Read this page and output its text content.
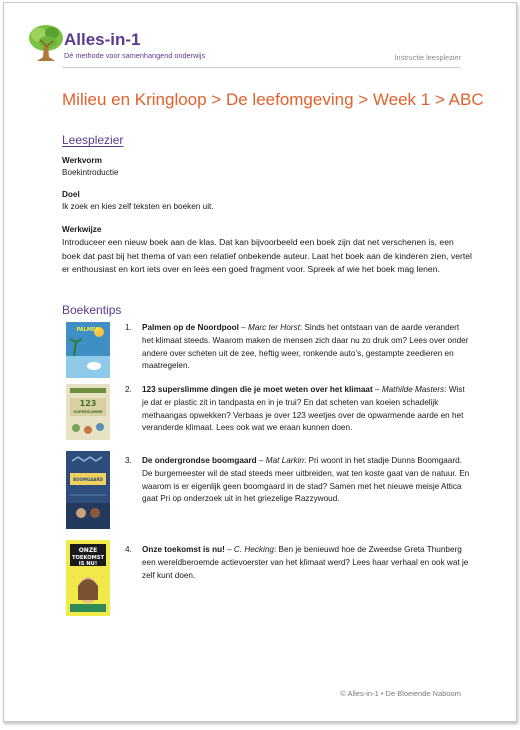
Alles-in-1
Dé methode voor samenhangend onderwijs	Instructie leesplezier
Milieu en Kringloop > De leefomgeving > Week 1 > ABC
Leesplezier
Werkvorm
Boekintroductie
Doel
Ik zoek en kies zelf teksten en boeken uit.
Werkwijze
Introduceer een nieuw boek aan de klas. Dat kan bijvoorbeeld een boek zijn dat net verschenen is, een boek dat past bij het thema of van een relatief onbekende auteur. Laat het boek aan de kinderen zien, vertel er enthousiast en kort iets over en lees een goed fragment voor. Spreek af wie het boek mag lenen.
Boekentips
PALMEN	1. Palmen op de Noordpool – Marc ter Horst: Sinds het ontstaan van de aarde verandert het klimaat steeds. Waarom maken de mensen zich daar nu zo druk om? Lees over onder andere over scheten uit de zee, heftig weer, ronkende auto’s, gestampte zeedieren en maatregelen.
123
SUPERSLIMME
2. 123 superslimme dingen die je moet weten over het klimaat – Mathilde Masters: Wist je dat er plastic zit in tandpasta en in je trui? En dat scheten van koeien schadelijk methaangas opwekken? Verbaas je over 123 weetjes over de opwarmende aarde en het veranderde klimaat. Lees ook wat we eraan kunnen doen.
BOOMGAARD
3. De ondergrondse boomgaard – Mat Larkin: Pri woont in het stadje Dunns Boomgaard. De burgemeester wil de stad steeds meer uitbreiden, wat ten koste gaat van de natuur. En waarom is er eigenlijk geen boomgaard in de stad? Samen met het nieuwe meisje Attica gaat Pri op onderzoek uit in het griezelige Razzywoud.
ONZE
TOEKOMST
IS NU!
4. Onze toekomst is nu! – C. Hecking: Ben je benieuwd hoe de Zweedse Greta Thunberg een wereldberoemde actievoerster van het klimaat werd? Lees haar verhaal en ook wat je zelf kunt doen.
© Alles-in-1 • De Bloeiende Naboom
